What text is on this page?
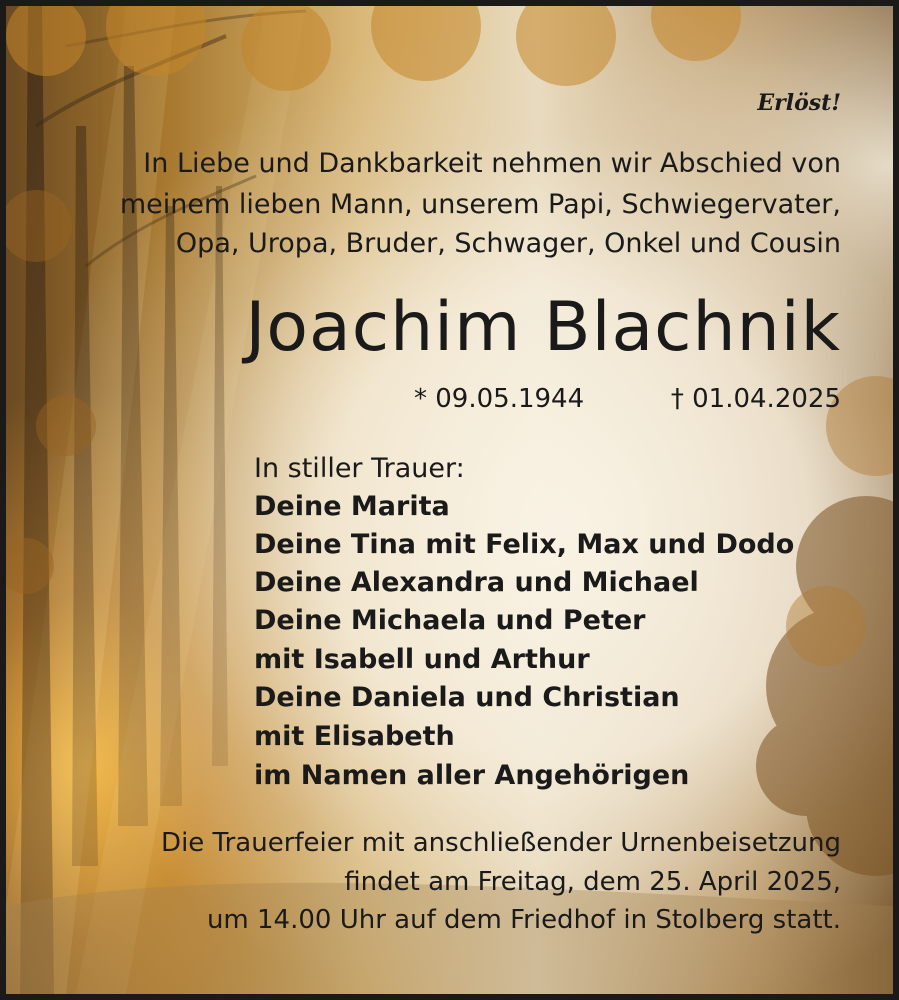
Erlöst!
In Liebe und Dankbarkeit nehmen wir Abschied von
meinem lieben Mann, unserem Papi, Schwiegervater,
Opa, Uropa, Bruder, Schwager, Onkel und Cousin
Joachim Blachnik
* 09.05.1944	† 01.04.2025
In stiller Trauer:
Deine Marita
Deine Tina mit Felix, Max und Dodo
Deine Alexandra und Michael
Deine Michaela und Peter
mit Isabell und Arthur
Deine Daniela und Christian
mit Elisabeth
im Namen aller Angehörigen
Die Trauerfeier mit anschließender Urnenbeisetzung
findet am Freitag, dem 25. April 2025,
um 14.00 Uhr auf dem Friedhof in Stolberg statt.
